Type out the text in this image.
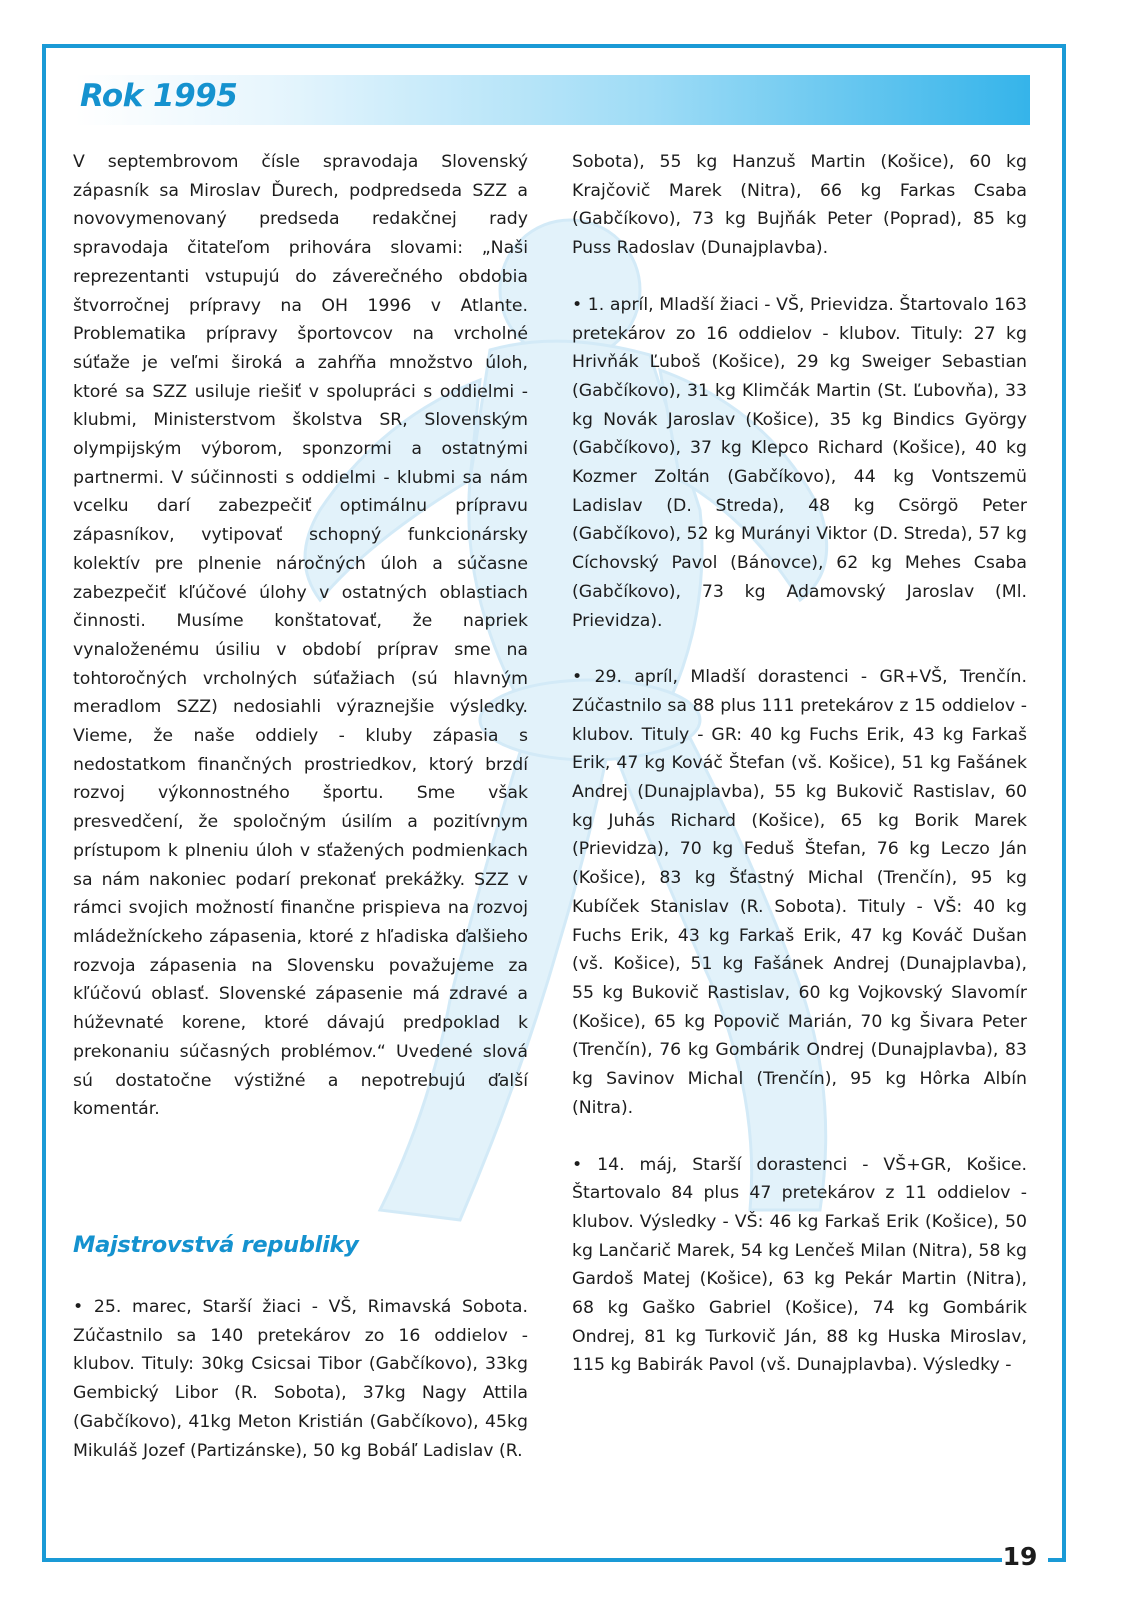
Rok 1995

V septembrovom čísle spravodaja Slovenský zápasník sa Miroslav Ďurech, podpredseda SZZ a novovymenovaný predseda redakčnej rady spravodaja čitateľom prihovára slovami: „Naši reprezentanti vstupujú do záverečného obdobia štvorročnej prípravy na OH 1996 v Atlante. Problematika prípravy športovcov na vrcholné súťaže je veľmi široká a zahŕňa množstvo úloh, ktoré sa SZZ usiluje riešiť v spolupráci s oddielmi - klubmi, Ministerstvom školstva SR, Slovenským olympijským výborom, sponzormi a ostatnými partnermi. V súčinnosti s oddielmi - klubmi sa nám vcelku darí zabezpečiť optimálnu prípravu zápasníkov, vytipovať schopný funkcionársky kolektív pre plnenie náročných úloh a súčasne zabezpečiť kľúčové úlohy v ostatných oblastiach činnosti. Musíme konštatovať, že napriek vynaloženému úsiliu v období príprav sme na tohtoročných vrcholných súťažiach (sú hlavným meradlom SZZ) nedosiahli výraznejšie výsledky. Vieme, že naše oddiely - kluby zápasia s nedostatkom finančných prostriedkov, ktorý brzdí rozvoj výkonnostného športu. Sme však presvedčení, že spoločným úsilím a pozitívnym prístupom k plneniu úloh v sťažených podmienkach sa nám nakoniec podarí prekonať prekážky. SZZ v rámci svojich možností finančne prispieva na rozvoj mládežníckeho zápasenia, ktoré z hľadiska ďalšieho rozvoja zápasenia na Slovensku považujeme za kľúčovú oblasť. Slovenské zápasenie má zdravé a húževnaté korene, ktoré dávajú predpoklad k prekonaniu súčasných problémov.“ Uvedené slová sú dostatočne výstižné a nepotrebujú ďalší komentár.

Majstrovstvá republiky

• 25. marec, Starší žiaci - VŠ, Rimavská Sobota. Zúčastnilo sa 140 pretekárov zo 16 oddielov - klubov. Tituly: 30kg Csicsai Tibor (Gabčíkovo), 33kg Gembický Libor (R. Sobota), 37kg Nagy Attila (Gabčíkovo), 41kg Meton Kristián (Gabčíkovo), 45kg Mikuláš Jozef (Partizánske), 50 kg Bobáľ Ladislav (R.

Sobota), 55 kg Hanzuš Martin (Košice), 60 kg Krajčovič Marek (Nitra), 66 kg Farkas Csaba (Gabčíkovo), 73 kg Bujňák Peter (Poprad), 85 kg Puss Radoslav (Dunajplavba).

• 1. apríl, Mladší žiaci - VŠ, Prievidza. Štartovalo 163 pretekárov zo 16 oddielov - klubov. Tituly: 27 kg Hrivňák Ľuboš (Košice), 29 kg Sweiger Sebastian (Gabčíkovo), 31 kg Klimčák Martin (St. Ľubovňa), 33 kg Novák Jaroslav (Košice), 35 kg Bindics György (Gabčíkovo), 37 kg Klepco Richard (Košice), 40 kg Kozmer Zoltán (Gabčíkovo), 44 kg Vontszemü Ladislav (D. Streda), 48 kg Csörgö Peter (Gabčíkovo), 52 kg Murányi Viktor (D. Streda), 57 kg Cíchovský Pavol (Bánovce), 62 kg Mehes Csaba (Gabčíkovo), 73 kg Adamovský Jaroslav (Ml. Prievidza).

• 29. apríl, Mladší dorastenci - GR+VŠ, Trenčín. Zúčastnilo sa 88 plus 111 pretekárov z 15 oddielov - klubov. Tituly - GR: 40 kg Fuchs Erik, 43 kg Farkaš Erik, 47 kg Kováč Štefan (vš. Košice), 51 kg Fašánek Andrej (Dunajplavba), 55 kg Bukovič Rastislav, 60 kg Juhás Richard (Košice), 65 kg Borik Marek (Prievidza), 70 kg Feduš Štefan, 76 kg Leczo Ján (Košice), 83 kg Šťastný Michal (Trenčín), 95 kg Kubíček Stanislav (R. Sobota). Tituly - VŠ: 40 kg Fuchs Erik, 43 kg Farkaš Erik, 47 kg Kováč Dušan (vš. Košice), 51 kg Fašánek Andrej (Dunajplavba), 55 kg Bukovič Rastislav, 60 kg Vojkovský Slavomír (Košice), 65 kg Popovič Marián, 70 kg Šivara Peter (Trenčín), 76 kg Gombárik Ondrej (Dunajplavba), 83 kg Savinov Michal (Trenčín), 95 kg Hôrka Albín (Nitra).

• 14. máj, Starší dorastenci - VŠ+GR, Košice. Štartovalo 84 plus 47 pretekárov z 11 oddielov - klubov. Výsledky - VŠ: 46 kg Farkaš Erik (Košice), 50 kg Lančarič Marek, 54 kg Lenčeš Milan (Nitra), 58 kg Gardoš Matej (Košice), 63 kg Pekár Martin (Nitra), 68 kg Gaško Gabriel (Košice), 74 kg Gombárik Ondrej, 81 kg Turkovič Ján, 88 kg Huska Miroslav, 115 kg Babirák Pavol (vš. Dunajplavba). Výsledky -

19
